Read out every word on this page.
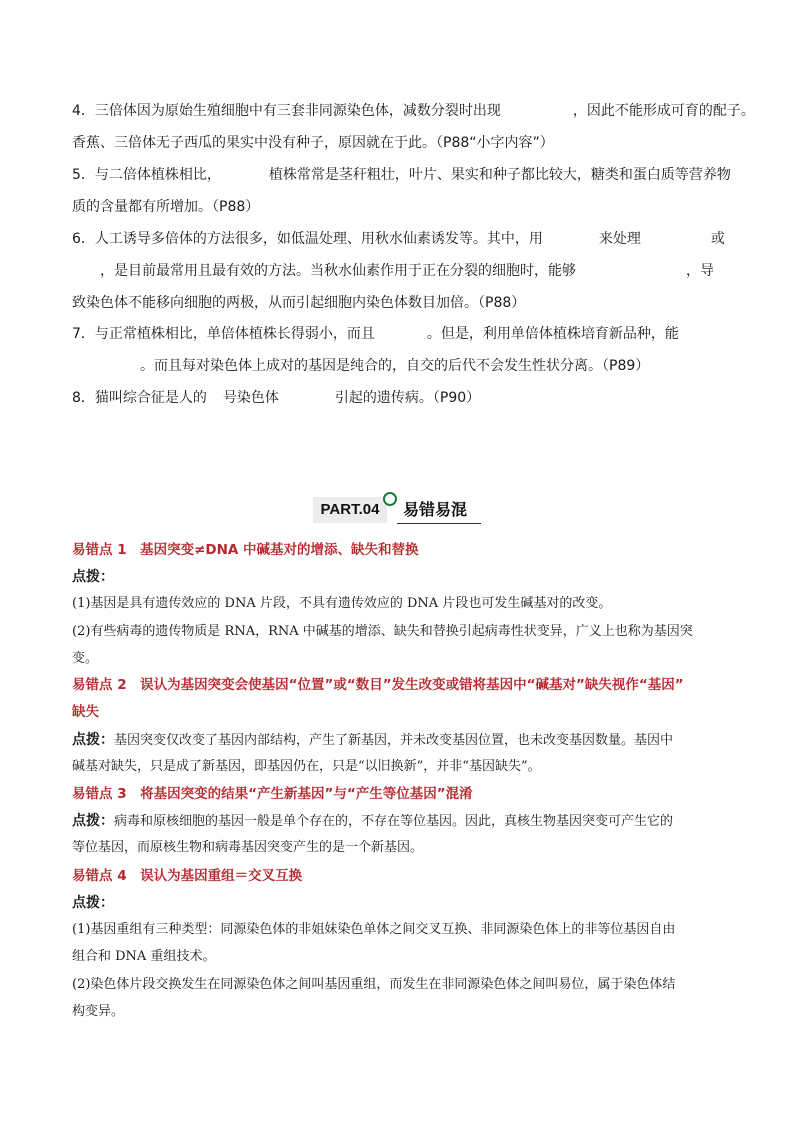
4．三倍体因为原始生殖细胞中有三套非同源染色体，减数分裂时出现	，因此不能形成可育的配子。
香蕉、三倍体无子西瓜的果实中没有种子，原因就在于此。（P88“小字内容”）
5．与二倍体植株相比，	植株常常是茎秆粗壮，叶片、果实和种子都比较大，糖类和蛋白质等营养物
质的含量都有所增加。（P88）
6．人工诱导多倍体的方法很多，如低温处理、用秋水仙素诱发等。其中，用	来处理	或
，是目前最常用且最有效的方法。当秋水仙素作用于正在分裂的细胞时，能够	，导
致染色体不能移向细胞的两极，从而引起细胞内染色体数目加倍。（P88）
7．与正常植株相比，单倍体植株长得弱小，而且	。但是，利用单倍体植株培育新品种，能
。而且每对染色体上成对的基因是纯合的，自交的后代不会发生性状分离。（P89）
8．猫叫综合征是人的 号染色体	引起的遗传病。（P90）
PART.04	易错易混
易错点 1　基因突变≠DNA 中碱基对的增添、缺失和替换
点拨：
(1)基因是具有遗传效应的 DNA 片段，不具有遗传效应的 DNA 片段也可发生碱基对的改变。
(2)有些病毒的遗传物质是 RNA，RNA 中碱基的增添、缺失和替换引起病毒性状变异，广义上也称为基因突
变。
易错点 2　误认为基因突变会使基因“位置”或“数目”发生改变或错将基因中“碱基对”缺失视作“基因”
缺失
点拨：基因突变仅改变了基因内部结构，产生了新基因，并未改变基因位置，也未改变基因数量。基因中
碱基对缺失，只是成了新基因，即基因仍在，只是“以旧换新”，并非“基因缺失”。
易错点 3　将基因突变的结果“产生新基因”与“产生等位基因”混淆
点拨：病毒和原核细胞的基因一般是单个存在的，不存在等位基因。因此，真核生物基因突变可产生它的
等位基因，而原核生物和病毒基因突变产生的是一个新基因。
易错点 4　误认为基因重组＝交叉互换
点拨：
(1)基因重组有三种类型：同源染色体的非姐妹染色单体之间交叉互换、非同源染色体上的非等位基因自由
组合和 DNA 重组技术。
(2)染色体片段交换发生在同源染色体之间叫基因重组，而发生在非同源染色体之间叫易位，属于染色体结
构变异。
